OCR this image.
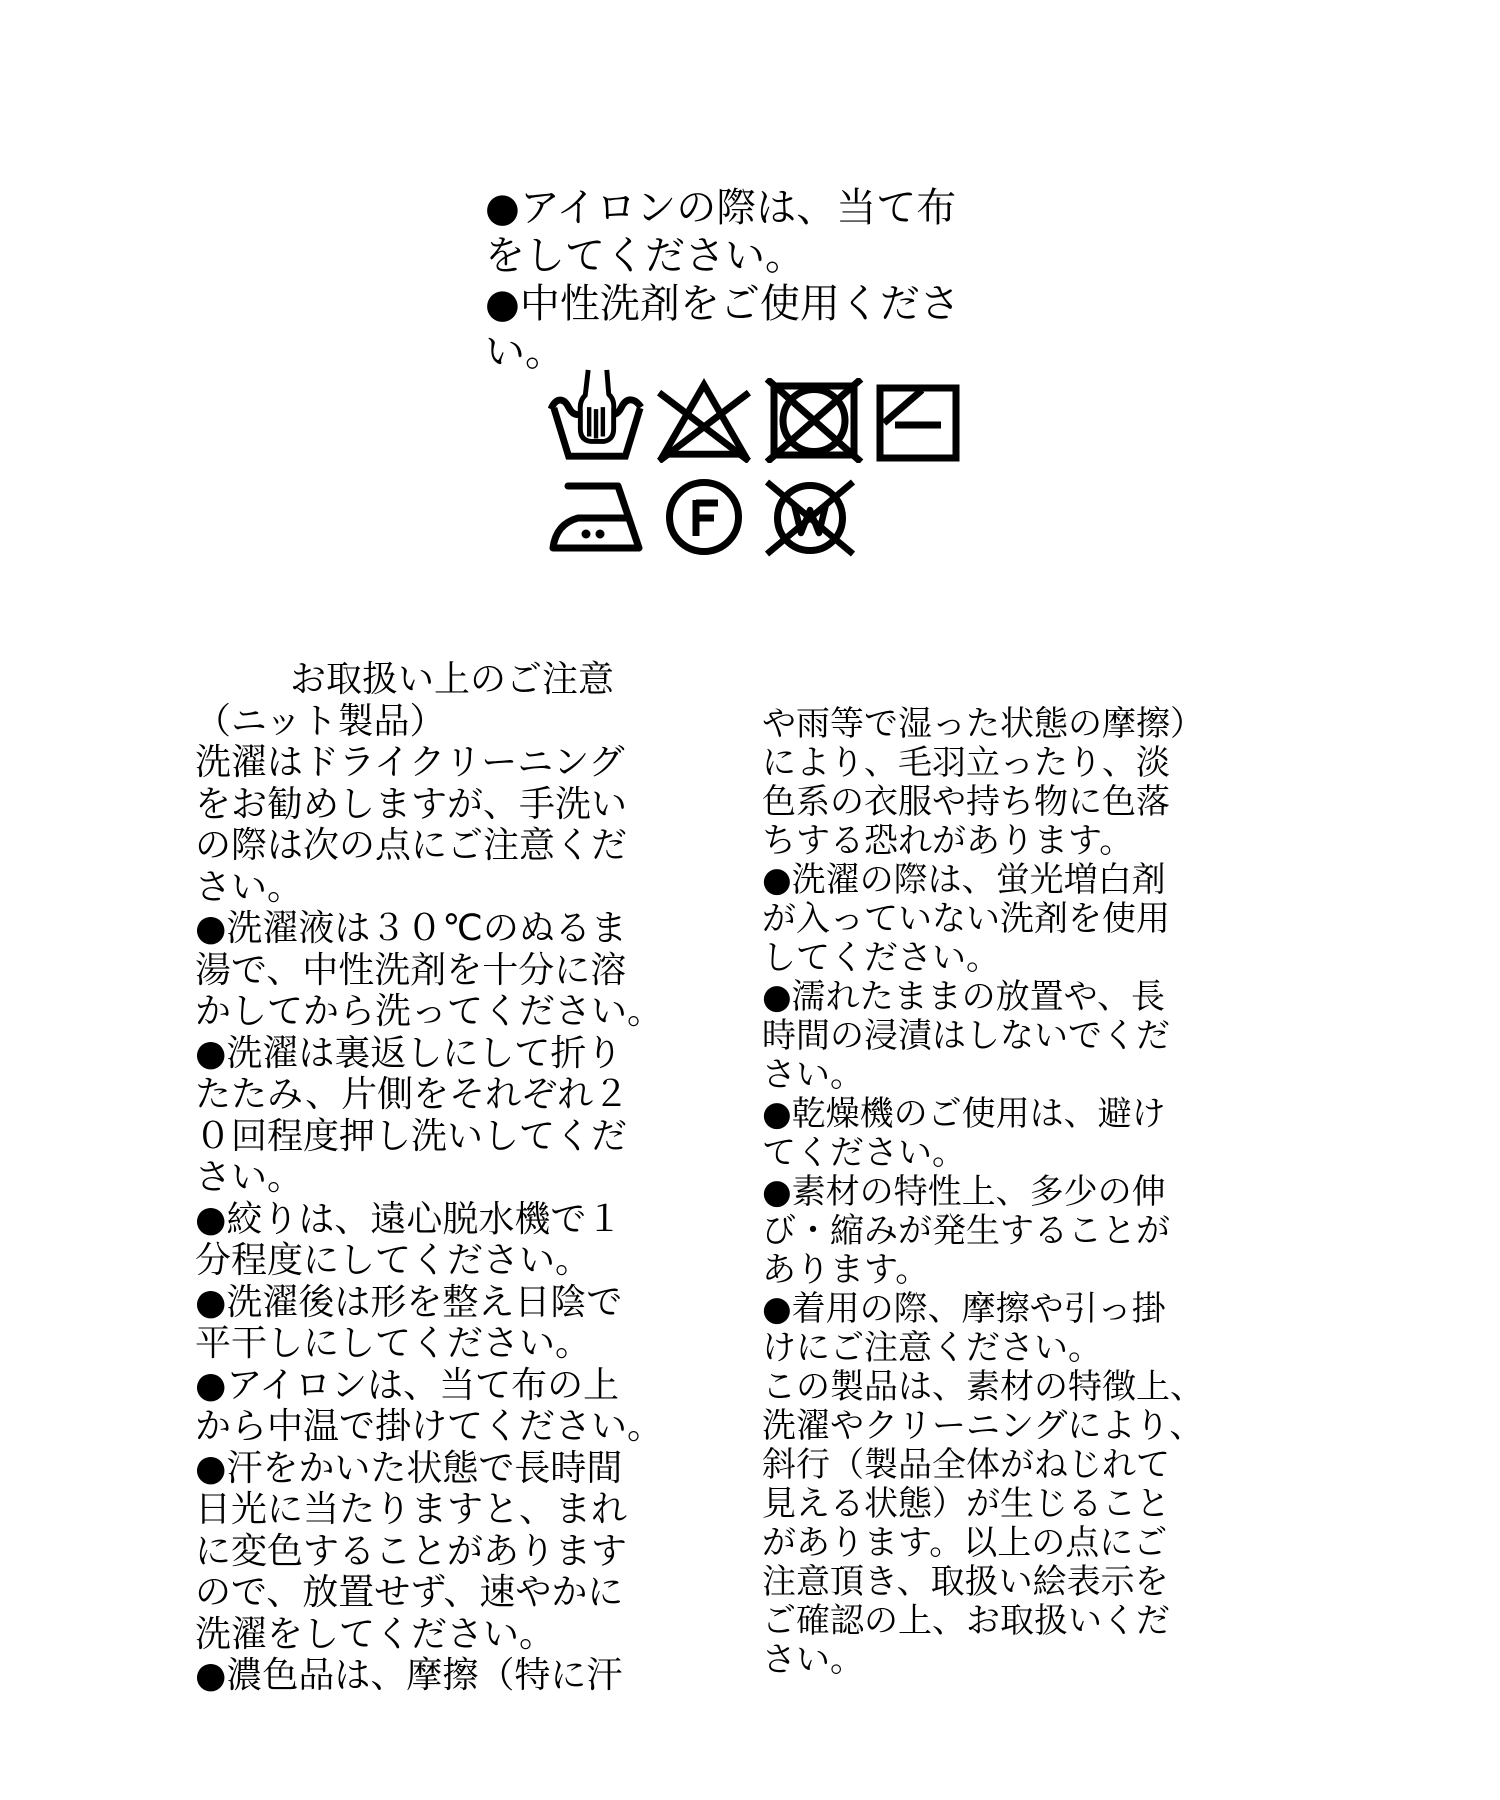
●アイロンの際は、当て布
をしてください。
●中性洗剤をご使用くださ
い。
お取扱い上のご注意
（ニット製品）
洗濯はドライクリーニング
をお勧めしますが、手洗い
の際は次の点にご注意くだ
さい。
●洗濯液は３０℃のぬるま
湯で、中性洗剤を十分に溶
かしてから洗ってください。
●洗濯は裏返しにして折り
たたみ、片側をそれぞれ２
０回程度押し洗いしてくだ
さい。
●絞りは、遠心脱水機で１
分程度にしてください。
●洗濯後は形を整え日陰で
平干しにしてください。
●アイロンは、当て布の上
から中温で掛けてください。
●汗をかいた状態で長時間
日光に当たりますと、まれ
に変色することがあります
ので、放置せず、速やかに
洗濯をしてください。
●濃色品は、摩擦（特に汗
や雨等で湿った状態の摩擦）
により、毛羽立ったり、淡
色系の衣服や持ち物に色落
ちする恐れがあります。
●洗濯の際は、蛍光増白剤
が入っていない洗剤を使用
してください。
●濡れたままの放置や、長
時間の浸漬はしないでくだ
さい。
●乾燥機のご使用は、避け
てください。
●素材の特性上、多少の伸
び・縮みが発生することが
あります。
●着用の際、摩擦や引っ掛
けにご注意ください。
この製品は、素材の特徴上、
洗濯やクリーニングにより、
斜行（製品全体がねじれて
見える状態）が生じること
があります。以上の点にご
注意頂き、取扱い絵表示を
ご確認の上、お取扱いくだ
さい。
